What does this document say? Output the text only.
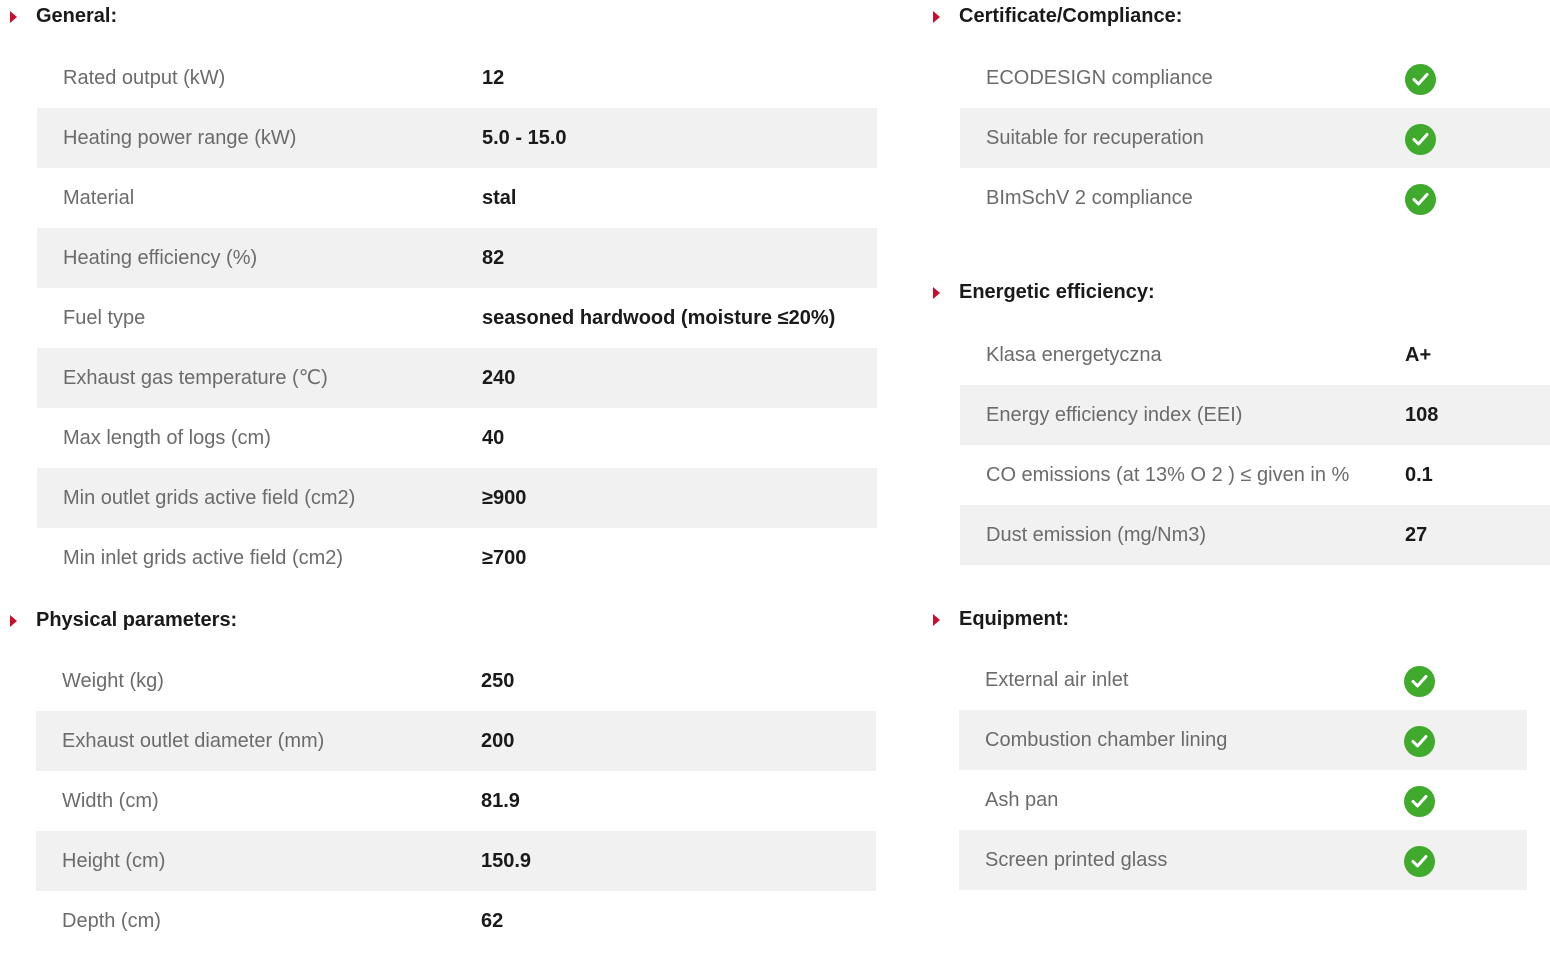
General:
Rated output (kW)	12
Heating power range (kW)	5.0 - 15.0
Material	stal
Heating efficiency (%)	82
Fuel type	seasoned hardwood (moisture ≤20%)
Exhaust gas temperature (℃)	240
Max length of logs (cm)	40
Min outlet grids active field (cm2)	≥900
Min inlet grids active field (cm2)	≥700
Physical parameters:
Weight (kg)	250
Exhaust outlet diameter (mm)	200
Width (cm)	81.9
Height (cm)	150.9
Depth (cm)	62
Certificate/Compliance:
ECODESIGN compliance
Suitable for recuperation
BImSchV 2 compliance
Energetic efficiency:
Klasa energetyczna	A+
Energy efficiency index (EEI)	108
CO emissions (at 13% O 2 ) ≤ given in %	0.1
Dust emission (mg/Nm3)	27
Equipment:
External air inlet
Combustion chamber lining
Ash pan
Screen printed glass
